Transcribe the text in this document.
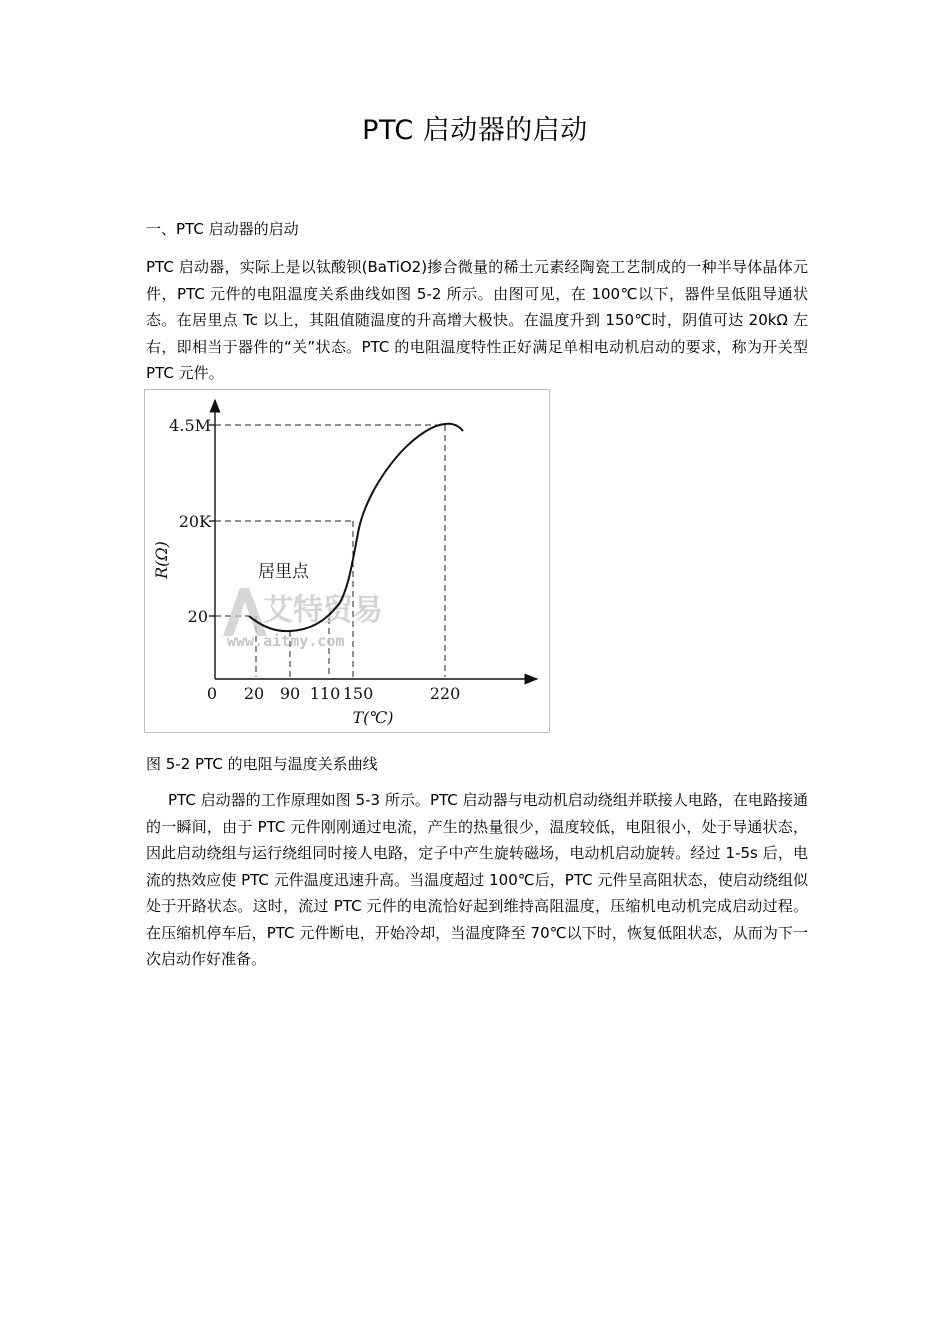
PTC 启动器的启动
一、PTC 启动器的启动
PTC 启动器，实际上是以钛酸钡(BaTiO2)掺合微量的稀土元素经陶瓷工艺制成的一种半导体晶体元件，PTC 元件的电阻温度关系曲线如图 5-2 所示。由图可见，在 100℃以下，器件呈低阻导通状态。在居里点 Tc 以上，其阻值随温度的升高增大极快。在温度升到 150℃时，阴值可达 20kΩ 左右，即相当于器件的“关”状态。PTC 的电阻温度特性正好满足单相电动机启动的要求，称为开关型 PTC 元件。
艾特贸易
www.aitmy.com
4.5M
20K
20
0 20 90 110 150	220
R(Ω)
T(℃)
居里点
图 5-2 PTC 的电阻与温度关系曲线
PTC 启动器的工作原理如图 5-3 所示。PTC 启动器与电动机启动绕组并联接人电路，在电路接通的一瞬间，由于 PTC 元件刚刚通过电流，产生的热量很少，温度较低，电阻很小，处于导通状态，因此启动绕组与运行绕组同时接人电路，定子中产生旋转磁场，电动机启动旋转。经过 1-5s 后，电流的热效应使 PTC 元件温度迅速升高。当温度超过 100℃后，PTC 元件呈高阻状态，使启动绕组似处于开路状态。这时，流过 PTC 元件的电流恰好起到维持高阻温度，压缩机电动机完成启动过程。在压缩机停车后，PTC 元件断电，开始冷却，当温度降至 70℃以下时，恢复低阻状态，从而为下一次启动作好准备。
